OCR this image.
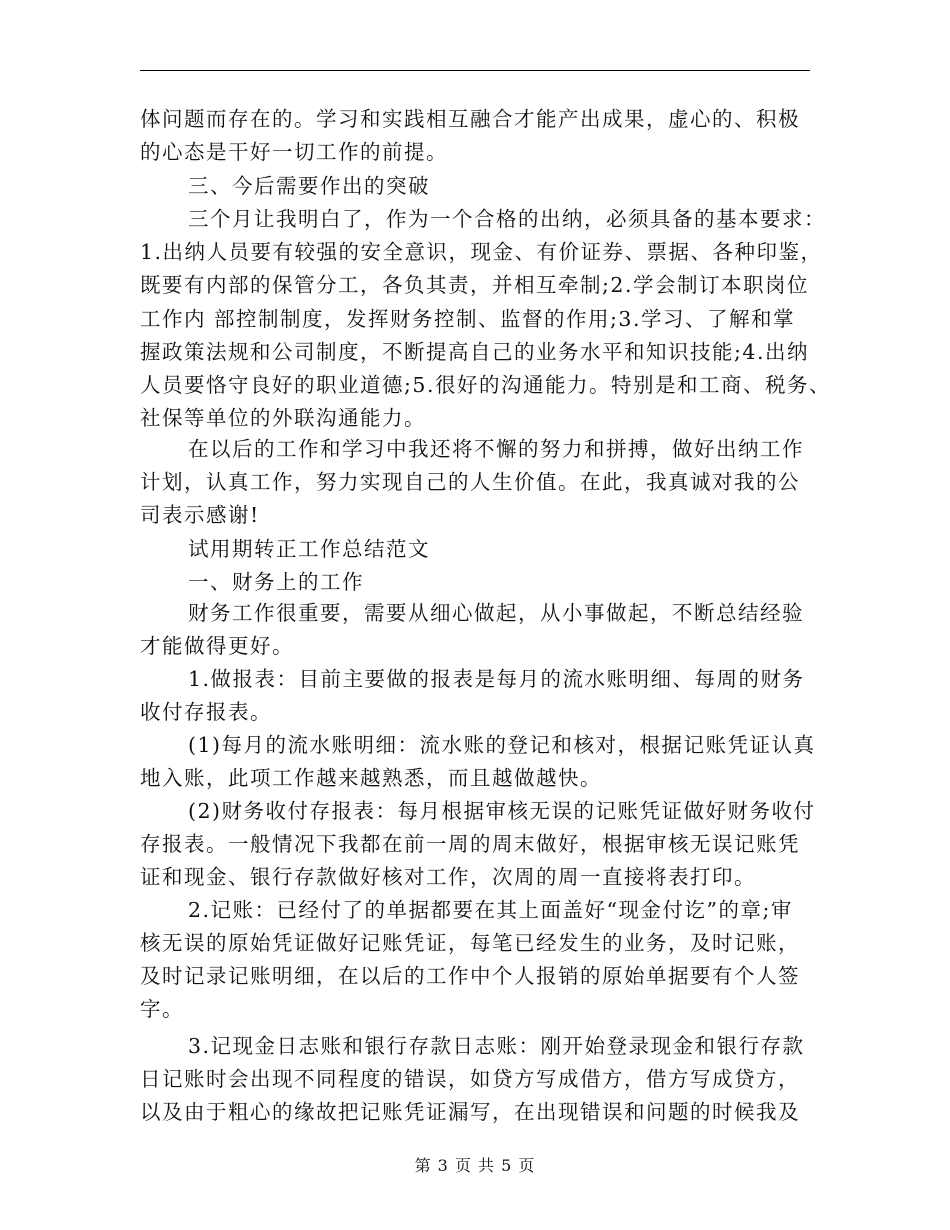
体问题而存在的。学习和实践相互融合才能产出成果，虚心的、积极
的心态是干好一切工作的前提。
三、今后需要作出的突破
三个月让我明白了，作为一个合格的出纳，必须具备的基本要求：
1.出纳人员要有较强的安全意识，现金、有价证券、票据、各种印鉴，
既要有内部的保管分工，各负其责，并相互牵制;2.学会制订本职岗位
工作内 部控制制度，发挥财务控制、监督的作用;3.学习、了解和掌
握政策法规和公司制度，不断提高自己的业务水平和知识技能;4.出纳
人员要恪守良好的职业道德;5.很好的沟通能力。特别是和工商、税务、
社保等单位的外联沟通能力。
在以后的工作和学习中我还将不懈的努力和拼搏，做好出纳工作
计划，认真工作，努力实现自己的人生价值。在此，我真诚对我的公
司表示感谢!
试用期转正工作总结范文
一、财务上的工作
财务工作很重要，需要从细心做起，从小事做起，不断总结经验
才能做得更好。
1.做报表：目前主要做的报表是每月的流水账明细、每周的财务
收付存报表。
(1)每月的流水账明细：流水账的登记和核对，根据记账凭证认真
地入账，此项工作越来越熟悉，而且越做越快。
(2)财务收付存报表：每月根据审核无误的记账凭证做好财务收付
存报表。一般情况下我都在前一周的周末做好，根据审核无误记账凭
证和现金、银行存款做好核对工作，次周的周一直接将表打印。
2.记账：已经付了的单据都要在其上面盖好“现金付讫”的章;审
核无误的原始凭证做好记账凭证，每笔已经发生的业务，及时记账，
及时记录记账明细，在以后的工作中个人报销的原始单据要有个人签
字。
3.记现金日志账和银行存款日志账：刚开始登录现金和银行存款
日记账时会出现不同程度的错误，如贷方写成借方，借方写成贷方，
以及由于粗心的缘故把记账凭证漏写，在出现错误和问题的时候我及
第 3 页 共 5 页
